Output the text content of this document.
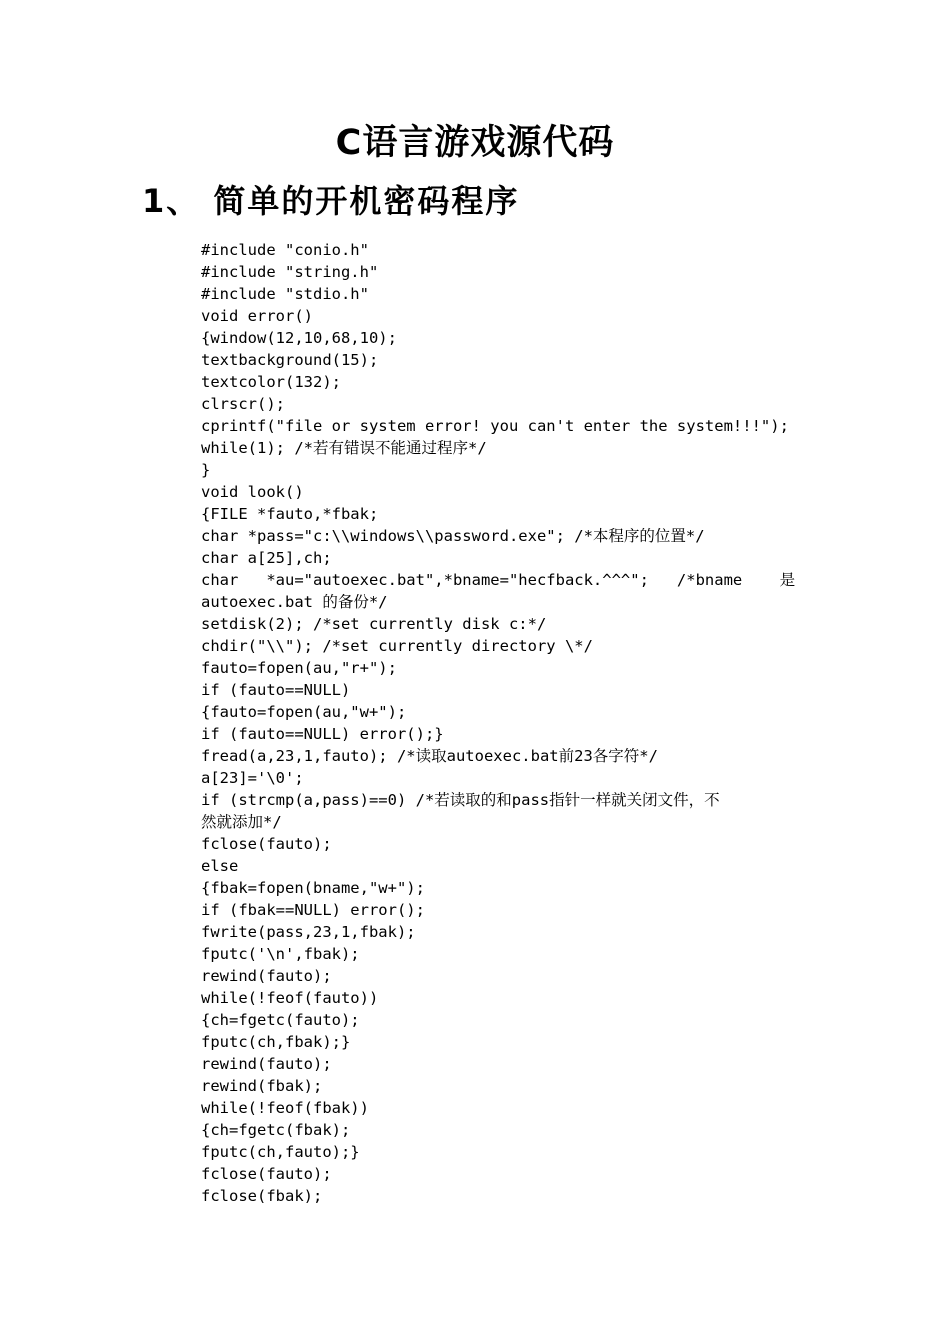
C语言游戏源代码
1、 简单的开机密码程序
#include "conio.h"
#include "string.h"
#include "stdio.h"
void error()
{window(12,10,68,10);
textbackground(15);
textcolor(132);
clrscr();
cprintf("file or system error! you can't enter the system!!!");
while(1); /*若有错误不能通过程序*/
}
void look()
{FILE *fauto,*fbak;
char *pass="c:\\windows\\password.exe"; /*本程序的位置*/
char a[25],ch;
char   *au="autoexec.bat",*bname="hecfback.^^^";   /*bname    是
autoexec.bat 的备份*/
setdisk(2); /*set currently disk c:*/
chdir("\\"); /*set currently directory \*/
fauto=fopen(au,"r+");
if (fauto==NULL)
{fauto=fopen(au,"w+");
if (fauto==NULL) error();}
fread(a,23,1,fauto); /*读取autoexec.bat前23各字符*/
a[23]='\0';
if (strcmp(a,pass)==0) /*若读取的和pass指针一样就关闭文件，不
然就添加*/
fclose(fauto);
else
{fbak=fopen(bname,"w+");
if (fbak==NULL) error();
fwrite(pass,23,1,fbak);
fputc('\n',fbak);
rewind(fauto);
while(!feof(fauto))
{ch=fgetc(fauto);
fputc(ch,fbak);}
rewind(fauto);
rewind(fbak);
while(!feof(fbak))
{ch=fgetc(fbak);
fputc(ch,fauto);}
fclose(fauto);
fclose(fbak);
